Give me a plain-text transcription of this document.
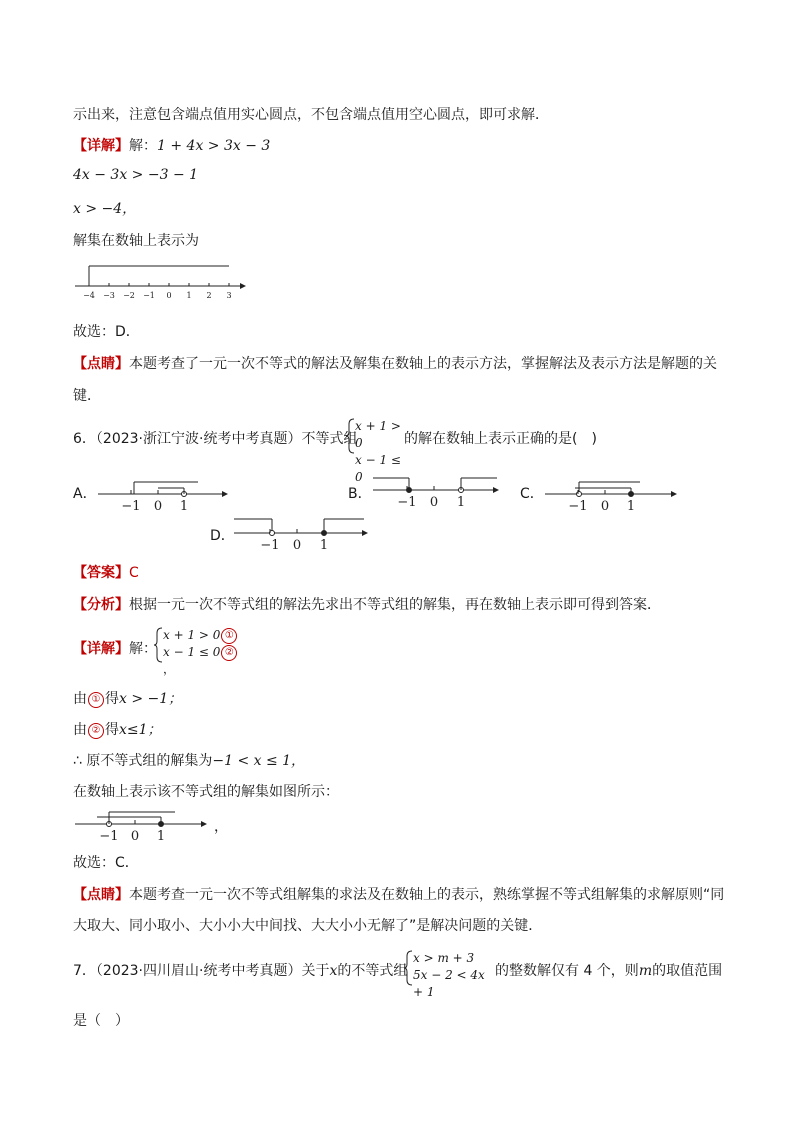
示出来，注意包含端点值用实心圆点，不包含端点值用空心圆点，即可求解．
【详解】解：1 + 4x > 3x − 3
4x − 3x > −3 − 1
x > −4，
解集在数轴上表示为
−4 −3 −2 −1 0 1 2 3
故选：D．
【点睛】本题考查了一元一次不等式的解法及解集在数轴上的表示方法，掌握解法及表示方法是解题的关
键．
6．（2023·浙江宁波·统考中考真题）不等式组
x + 1 > 0
x − 1 ≤ 0
的解在数轴上表示正确的是(　)
A．
−1 0 1
B．
−1 0 1
C．
−1 0 1
D．
−1 0 1
【答案】C
【分析】根据一元一次不等式组的解法先求出不等式组的解集，再在数轴上表示即可得到答案．
【详解】解：
x + 1 > 0 ①
x − 1 ≤ 0 ②，
由 ① 得x > −1；
由 ② 得x≤1；
∴ 原不等式组的解集为−1 < x ≤ 1，
在数轴上表示该不等式组的解集如图所示：
−1 0 1
，
故选：C．
【点睛】本题考查一元一次不等式组解集的求法及在数轴上的表示，熟练掌握不等式组解集的求解原则“同
大取大、同小取小、大小小大中间找、大大小小无解了”是解决问题的关键．
7．（2023·四川眉山·统考中考真题）关于x的不等式组
x > m + 3
5x − 2 < 4x + 1
的整数解仅有 4 个，则m的取值范围
是（　）
